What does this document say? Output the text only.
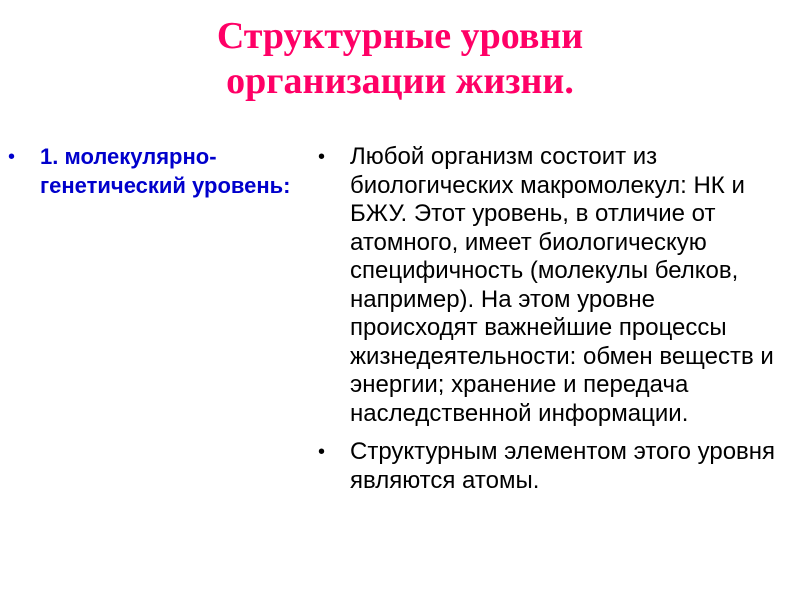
Структурные уровни
организации жизни.
•	1. молекулярно-генетический уровень:
•	Любой организм состоит из биологических макромолекул: НК и БЖУ. Этот уровень, в отличие от атомного, имеет биологическую специфичность (молекулы белков, например). На этом уровне происходят важнейшие процессы жизнедеятельности: обмен веществ и энергии; хранение и передача наследственной информации.
•	Структурным элементом этого уровня являются атомы.
